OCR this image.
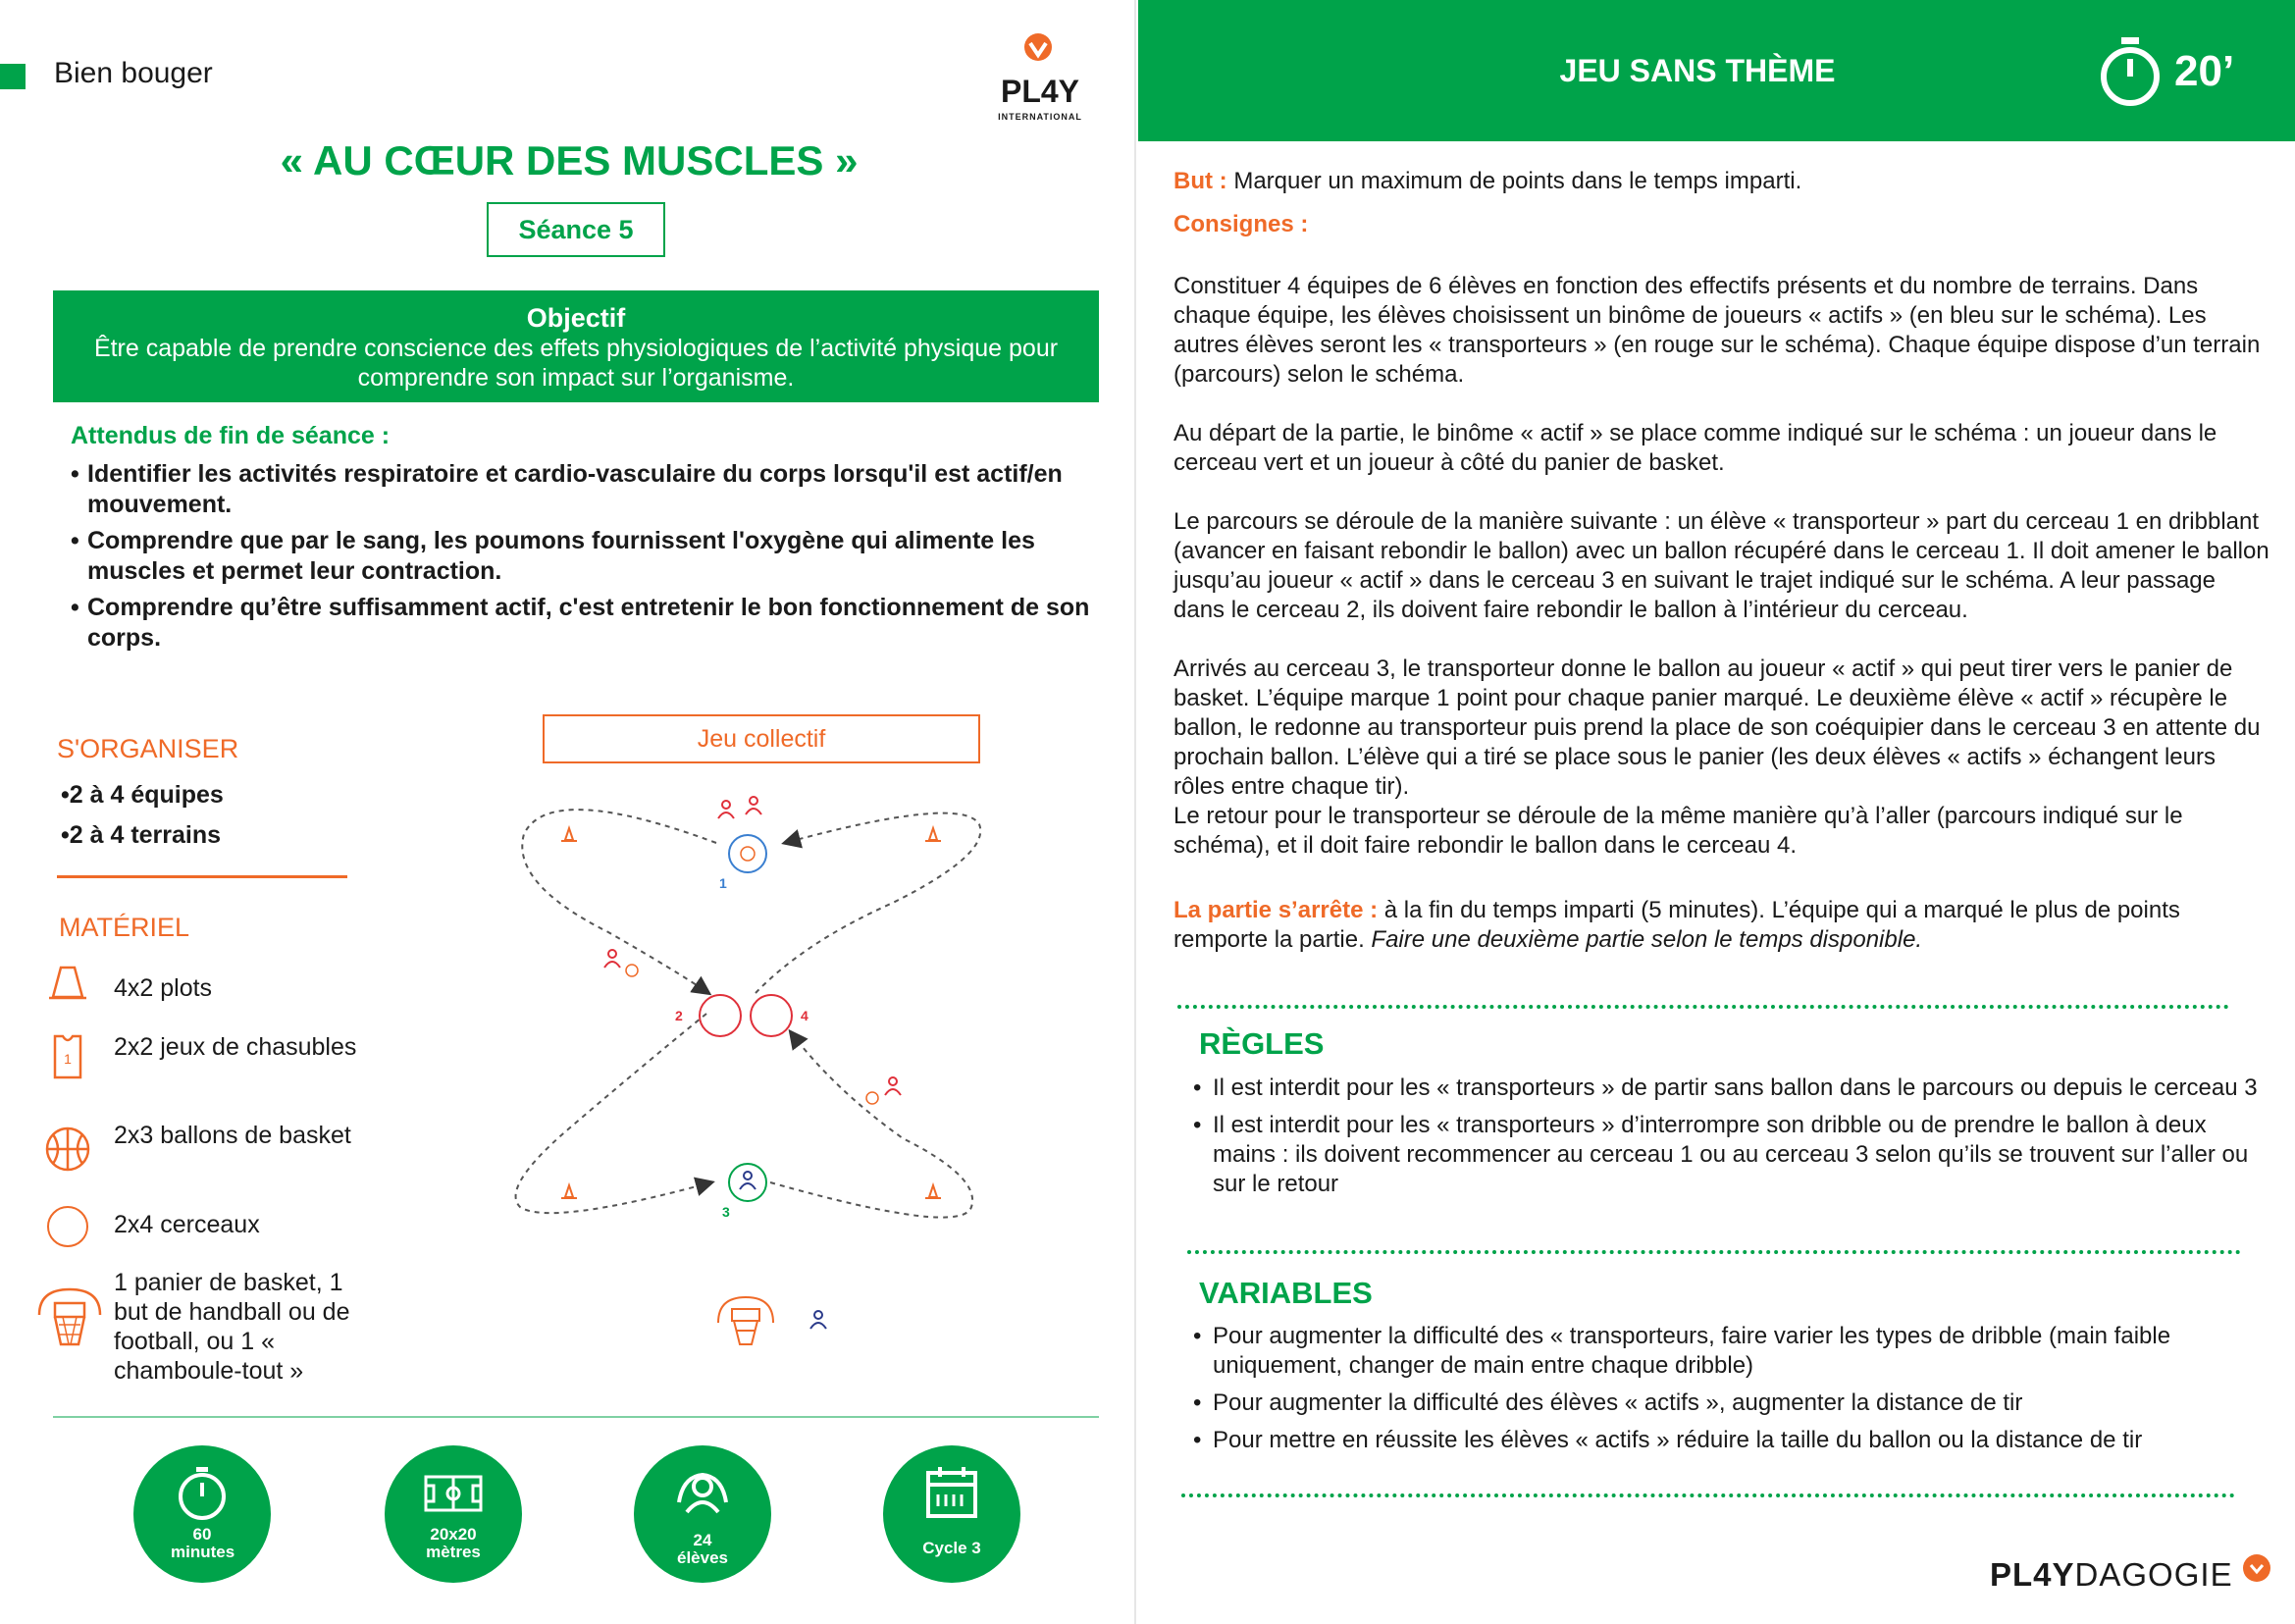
Bien bouger
PL4Y
INTERNATIONAL
« AU CŒUR DES MUSCLES »
Séance 5
Objectif
Être capable de prendre conscience des effets physiologiques de l’activité physique pour comprendre son impact sur l’organisme.
Attendus de fin de séance :
• Identifier les activités respiratoire et cardio-vasculaire du corps lorsqu'il est actif/en mouvement.
• Comprendre que par le sang, les poumons fournissent l'oxygène qui alimente les muscles et permet leur contraction.
• Comprendre qu’être suffisamment actif, c'est entretenir le bon fonctionnement de son corps.
S'ORGANISER
• 2 à 4 équipes
• 2 à 4 terrains
MATÉRIEL
4x2 plots
1 2x2 jeux de chasubles
2x3 ballons de basket
2x4 cerceaux
1 panier de basket, 1 but de handball ou de football, ou 1 « chamboule-tout »
Jeu collectif
1
2	4
3
60 minutes
20x20 mètres
24 élèves
Cycle 3
JEU SANS THÈME	20’
But : Marquer un maximum de points dans le temps imparti.
Consignes :
Constituer 4 équipes de 6 élèves en fonction des effectifs présents et du nombre de terrains. Dans chaque équipe, les élèves choisissent un binôme de joueurs « actifs » (en bleu sur le schéma). Les autres élèves seront les « transporteurs » (en rouge sur le schéma). Chaque équipe dispose d’un terrain (parcours) selon le schéma.
Au départ de la partie, le binôme « actif » se place comme indiqué sur le schéma : un joueur dans le cerceau vert et un joueur à côté du panier de basket.
Le parcours se déroule de la manière suivante : un élève « transporteur » part du cerceau 1 en dribblant (avancer en faisant rebondir le ballon) avec un ballon récupéré dans le cerceau 1. Il doit amener le ballon jusqu’au joueur « actif » dans le cerceau 3 en suivant le trajet indiqué sur le schéma. A leur passage dans le cerceau 2, ils doivent faire rebondir le ballon à l’intérieur du cerceau.
Arrivés au cerceau 3, le transporteur donne le ballon au joueur « actif » qui peut tirer vers le panier de basket. L’équipe marque 1 point pour chaque panier marqué. Le deuxième élève « actif » récupère le ballon, le redonne au transporteur puis prend la place de son coéquipier dans le cerceau 3 en attente du prochain ballon. L’élève qui a tiré se place sous le panier (les deux élèves « actifs » échangent leurs rôles entre chaque tir).
Le retour pour le transporteur se déroule de la même manière qu’à l’aller (parcours indiqué sur le schéma), et il doit faire rebondir le ballon dans le cerceau 4.
La partie s’arrête : à la fin du temps imparti (5 minutes). L’équipe qui a marqué le plus de points remporte la partie. Faire une deuxième partie selon le temps disponible.
RÈGLES
• Il est interdit pour les « transporteurs » de partir sans ballon dans le parcours ou depuis le cerceau 3
• Il est interdit pour les « transporteurs » d’interrompre son dribble ou de prendre le ballon à deux mains : ils doivent recommencer au cerceau 1 ou au cerceau 3 selon qu’ils se trouvent sur l’aller ou sur le retour
VARIABLES
• Pour augmenter la difficulté des « transporteurs, faire varier les types de dribble (main faible uniquement, changer de main entre chaque dribble)
• Pour augmenter la difficulté des élèves « actifs », augmenter la distance de tir
• Pour mettre en réussite les élèves « actifs » réduire la taille du ballon ou la distance de tir
PL4YDAGOGIE
